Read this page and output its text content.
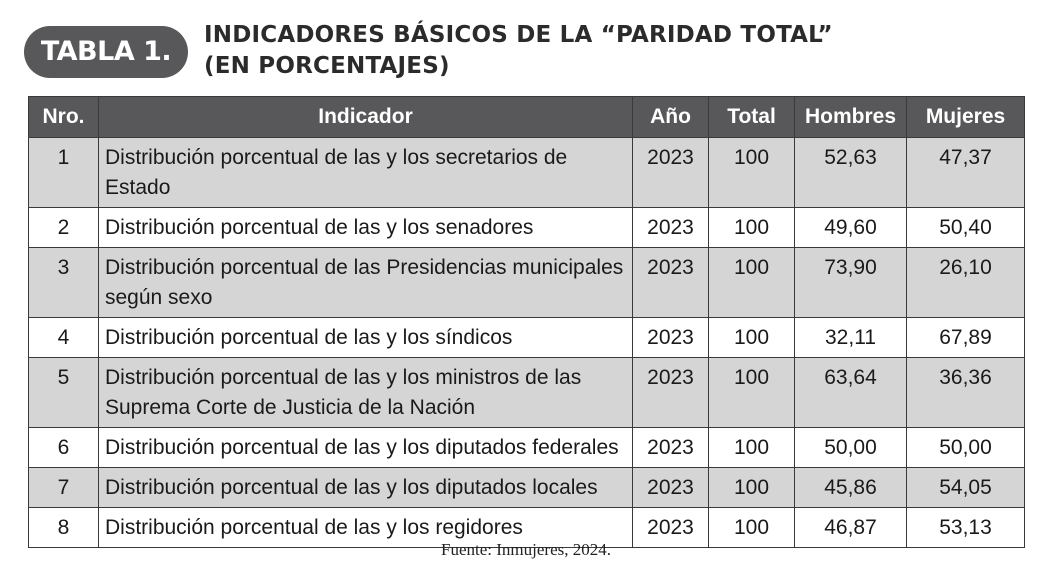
TABLA 1.
INDICADORES BÁSICOS DE LA “PARIDAD TOTAL”
(EN PORCENTAJES)
Nro.	Indicador	Año	Total	Hombres	Mujeres
1	Distribución porcentual de las y los secretarios de Estado	2023	100	52,63	47,37
2	Distribución porcentual de las y los senadores	2023	100	49,60	50,40
3	Distribución porcentual de las Presidencias municipales según sexo	2023	100	73,90	26,10
4	Distribución porcentual de las y los síndicos	2023	100	32,11	67,89
5	Distribución porcentual de las y los ministros de las Suprema Corte de Justicia de la Nación	2023	100	63,64	36,36
6	Distribución porcentual de las y los diputados federales	2023	100	50,00	50,00
7	Distribución porcentual de las y los diputados locales	2023	100	45,86	54,05
8	Distribución porcentual de las y los regidores	2023	100	46,87	53,13
Fuente: Inmujeres, 2024.
